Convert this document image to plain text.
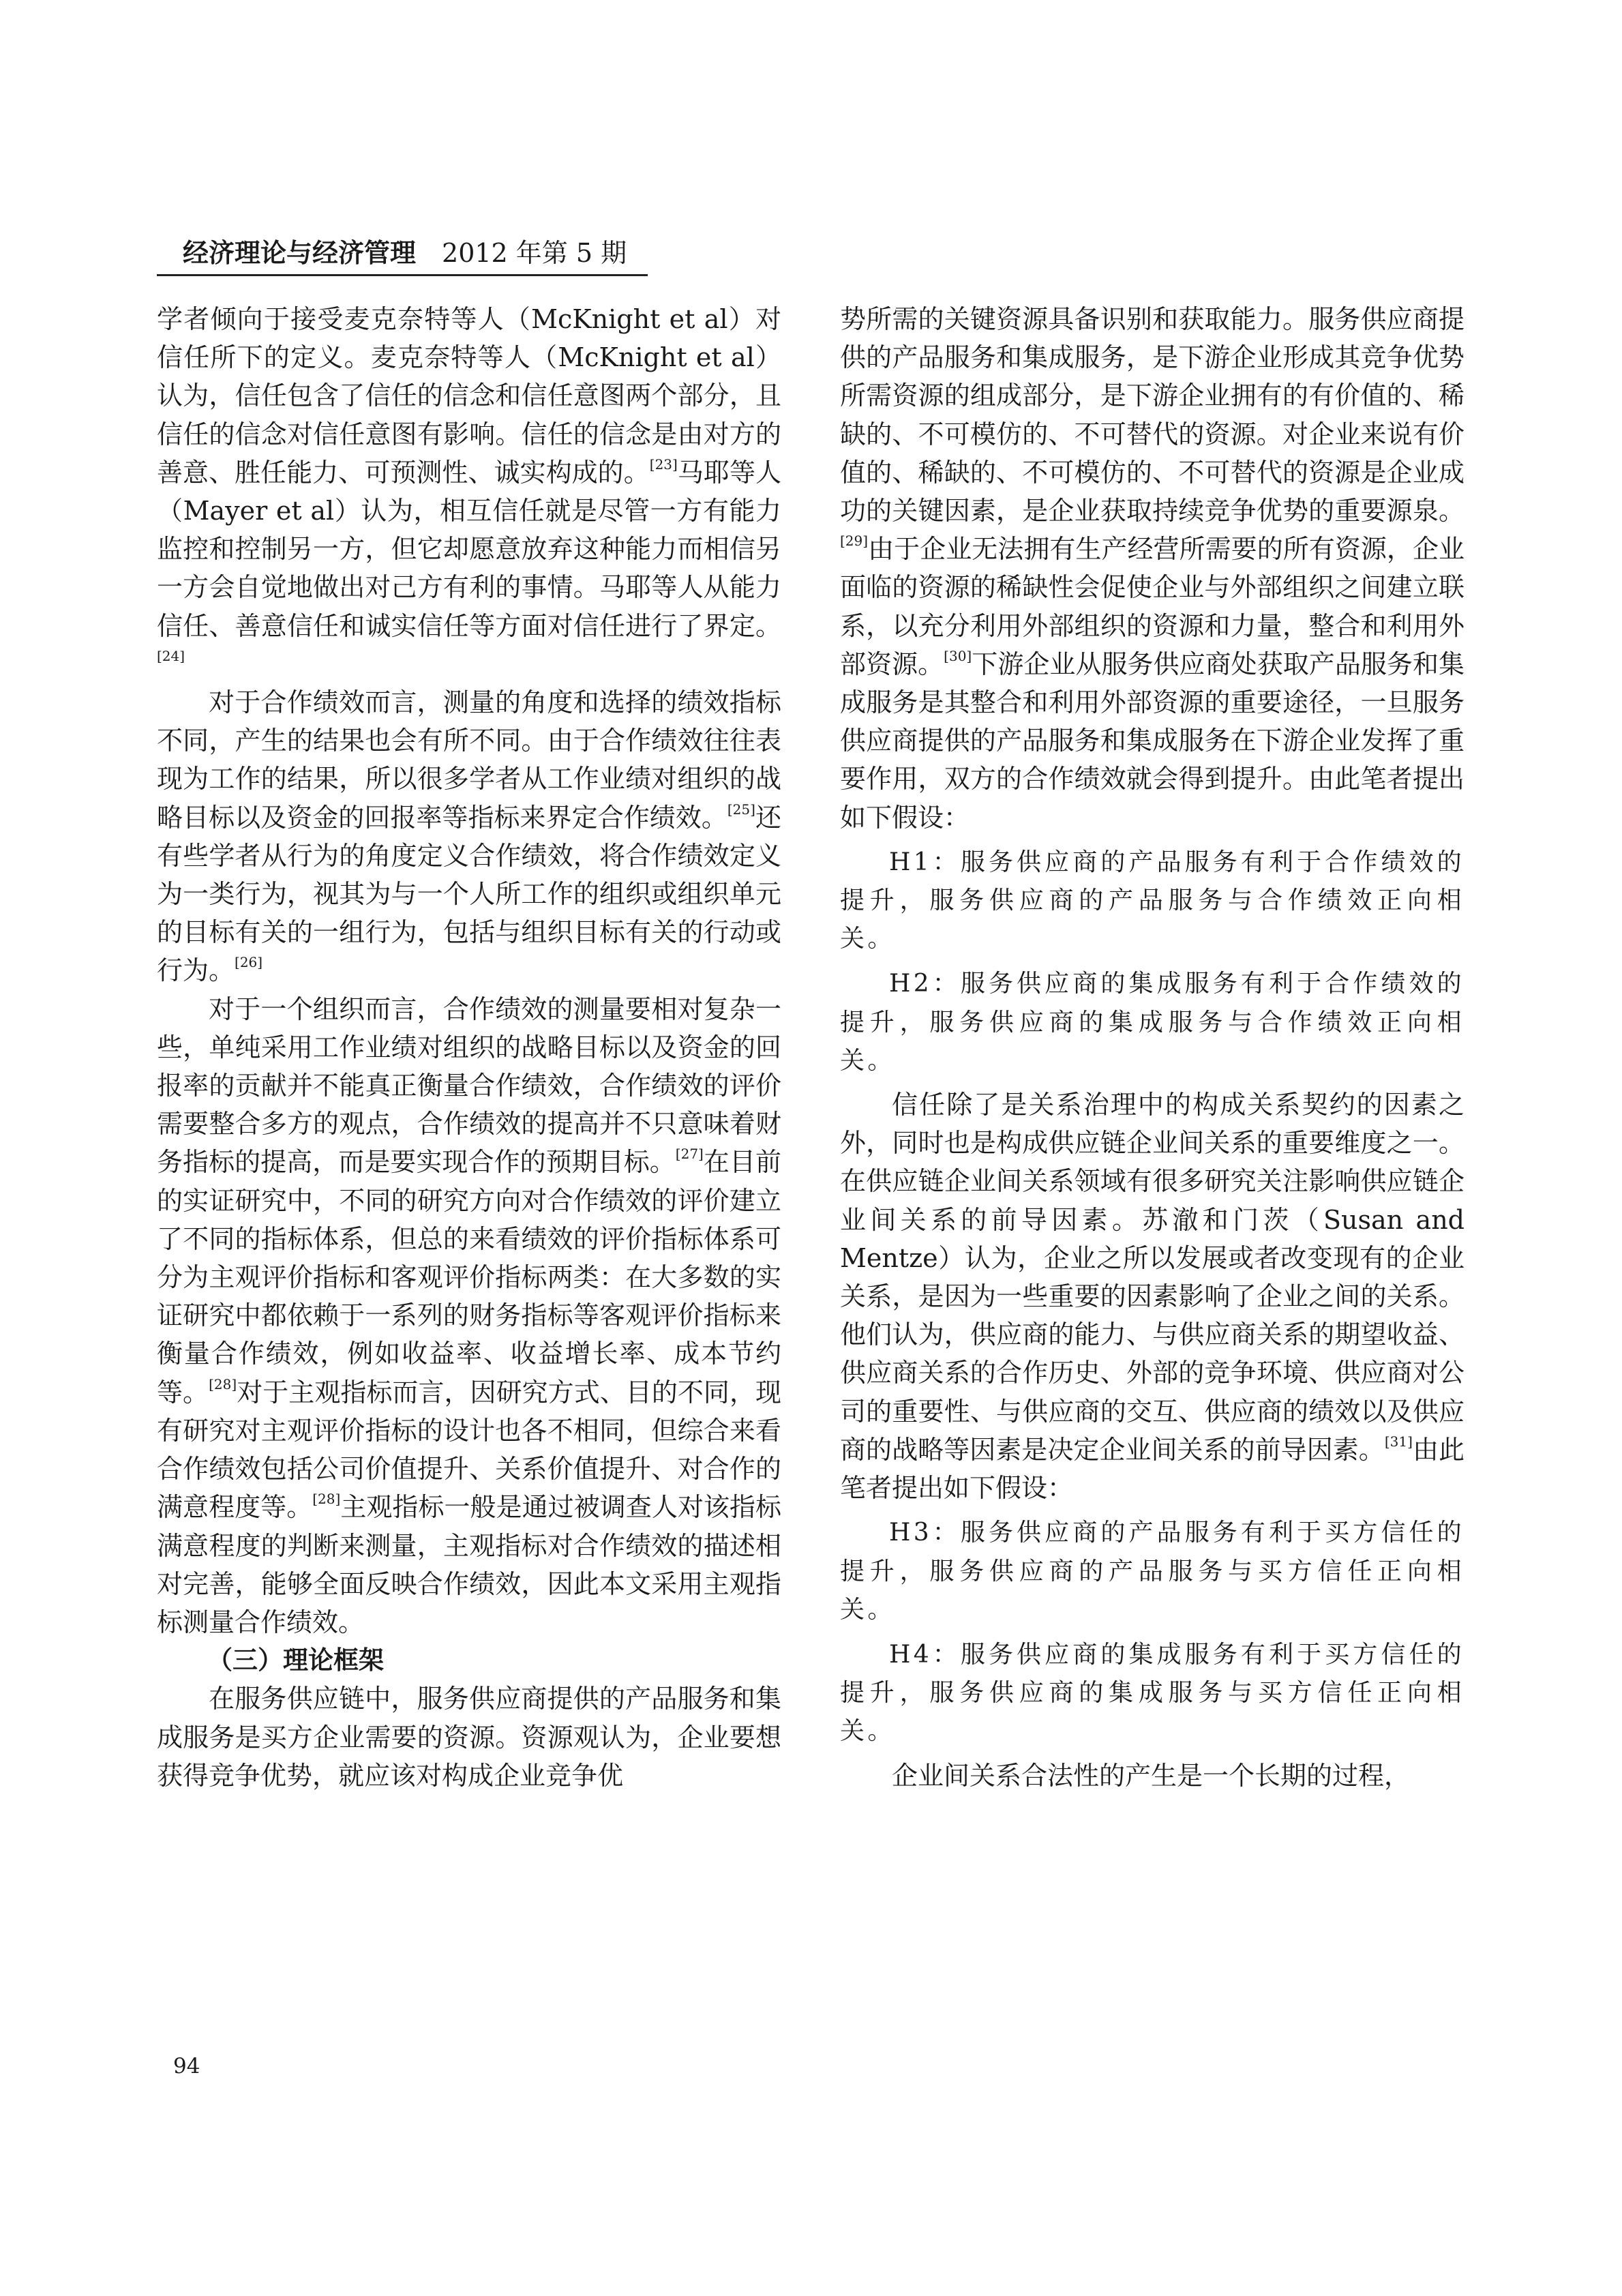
经济理论与经济管理 2012 年第 5 期

学者倾向于接受麦克奈特等人（McKnight et al）对信任所下的定义。麦克奈特等人（McKnight et al）认为，信任包含了信任的信念和信任意图两个部分，且信任的信念对信任意图有影响。信任的信念是由对方的善意、胜任能力、可预测性、诚实构成的。[23]马耶等人（Mayer et al）认为，相互信任就是尽管一方有能力监控和控制另一方，但它却愿意放弃这种能力而相信另一方会自觉地做出对己方有利的事情。马耶等人从能力信任、善意信任和诚实信任等方面对信任进行了界定。[24]

对于合作绩效而言，测量的角度和选择的绩效指标不同，产生的结果也会有所不同。由于合作绩效往往表现为工作的结果，所以很多学者从工作业绩对组织的战略目标以及资金的回报率等指标来界定合作绩效。[25]还有些学者从行为的角度定义合作绩效，将合作绩效定义为一类行为，视其为与一个人所工作的组织或组织单元的目标有关的一组行为，包括与组织目标有关的行动或行为。[26]

对于一个组织而言，合作绩效的测量要相对复杂一些，单纯采用工作业绩对组织的战略目标以及资金的回报率的贡献并不能真正衡量合作绩效，合作绩效的评价需要整合多方的观点，合作绩效的提高并不只意味着财务指标的提高，而是要实现合作的预期目标。[27]在目前的实证研究中，不同的研究方向对合作绩效的评价建立了不同的指标体系，但总的来看绩效的评价指标体系可分为主观评价指标和客观评价指标两类：在大多数的实证研究中都依赖于一系列的财务指标等客观评价指标来衡量合作绩效，例如收益率、收益增长率、成本节约等。[28]对于主观指标而言，因研究方式、目的不同，现有研究对主观评价指标的设计也各不相同，但综合来看合作绩效包括公司价值提升、关系价值提升、对合作的满意程度等。[28]主观指标一般是通过被调查人对该指标满意程度的判断来测量，主观指标对合作绩效的描述相对完善，能够全面反映合作绩效，因此本文采用主观指标测量合作绩效。

（三）理论框架

在服务供应链中，服务供应商提供的产品服务和集成服务是买方企业需要的资源。资源观认为，企业要想获得竞争优势，就应该对构成企业竞争优

势所需的关键资源具备识别和获取能力。服务供应商提供的产品服务和集成服务，是下游企业形成其竞争优势所需资源的组成部分，是下游企业拥有的有价值的、稀缺的、不可模仿的、不可替代的资源。对企业来说有价值的、稀缺的、不可模仿的、不可替代的资源是企业成功的关键因素，是企业获取持续竞争优势的重要源泉。[29]由于企业无法拥有生产经营所需要的所有资源，企业面临的资源的稀缺性会促使企业与外部组织之间建立联系，以充分利用外部组织的资源和力量，整合和利用外部资源。[30]下游企业从服务供应商处获取产品服务和集成服务是其整合和利用外部资源的重要途径，一旦服务供应商提供的产品服务和集成服务在下游企业发挥了重要作用，双方的合作绩效就会得到提升。由此笔者提出如下假设：

H1：服务供应商的产品服务有利于合作绩效的提升，服务供应商的产品服务与合作绩效正向相关。

H2：服务供应商的集成服务有利于合作绩效的提升，服务供应商的集成服务与合作绩效正向相关。

信任除了是关系治理中的构成关系契约的因素之外，同时也是构成供应链企业间关系的重要维度之一。在供应链企业间关系领域有很多研究关注影响供应链企业间关系的前导因素。苏澈和门茨（Susan and Mentze）认为，企业之所以发展或者改变现有的企业关系，是因为一些重要的因素影响了企业之间的关系。他们认为，供应商的能力、与供应商关系的期望收益、供应商关系的合作历史、外部的竞争环境、供应商对公司的重要性、与供应商的交互、供应商的绩效以及供应商的战略等因素是决定企业间关系的前导因素。[31]由此笔者提出如下假设：

H3：服务供应商的产品服务有利于买方信任的提升，服务供应商的产品服务与买方信任正向相关。

H4：服务供应商的集成服务有利于买方信任的提升，服务供应商的集成服务与买方信任正向相关。

企业间关系合法性的产生是一个长期的过程，

94
